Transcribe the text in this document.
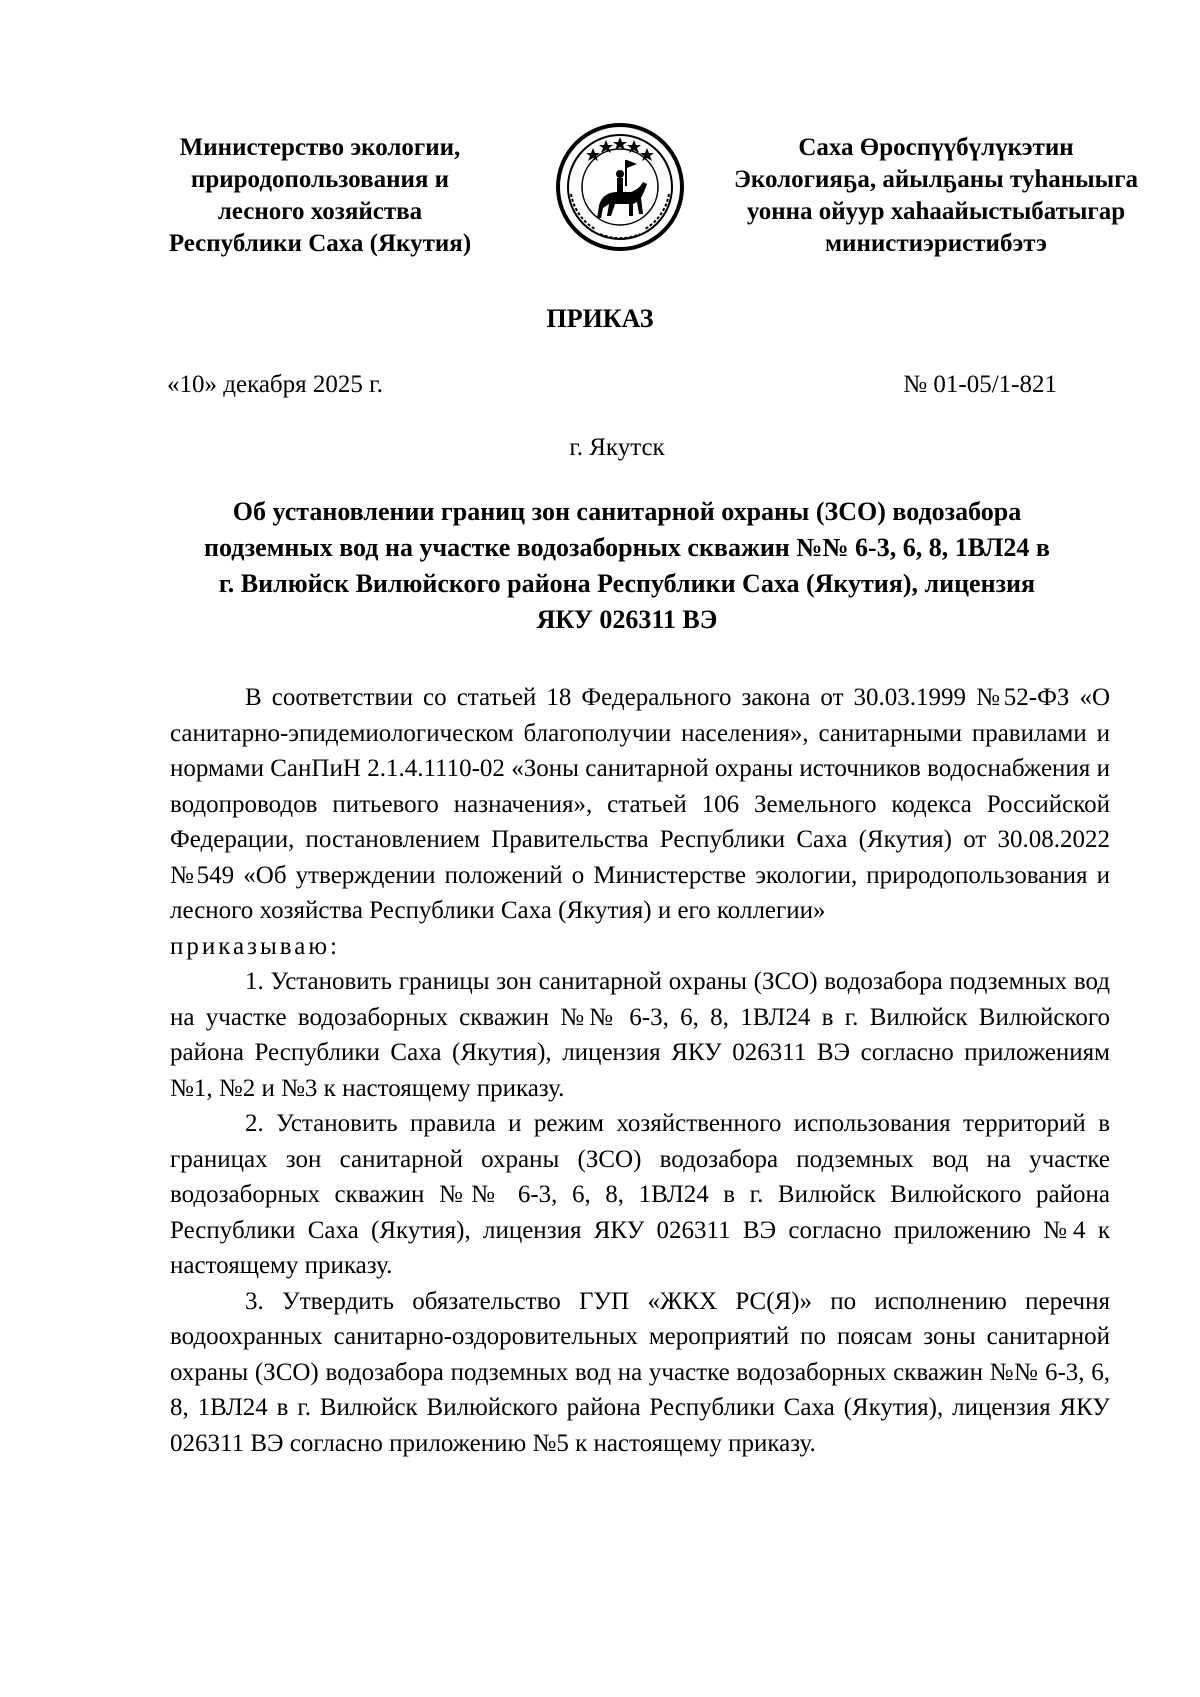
Министерство экологии,
природопользования и
лесного хозяйства
Республики Саха (Якутия)
Саха Өроспүүбүлүкэтин
Экологияҕа, айылҕаны туһаныыга
уонна ойуур хаһаайыстыбатыгар
министиэристибэтэ
ПРИКАЗ
«10» декабря 2025 г.	№ 01-05/1-821
г. Якутск
Об установлении границ зон санитарной охраны (ЗСО) водозабора
подземных вод на участке водозаборных скважин №№ 6-3, 6, 8, 1ВЛ24 в
г. Вилюйск Вилюйского района Республики Саха (Якутия), лицензия
ЯКУ 026311 ВЭ

В соответствии со статьей 18 Федерального закона от 30.03.1999 №52-ФЗ «О санитарно-эпидемиологическом благополучии населения», санитарными правилами и нормами СанПиН 2.1.4.1110-02 «Зоны санитарной охраны источников водоснабжения и водопроводов питьевого назначения», статьей 106 Земельного кодекса Российской Федерации, постановлением Правительства Республики Саха (Якутия) от 30.08.2022 №549 «Об утверждении положений о Министерстве экологии, природопользования и лесного хозяйства Республики Саха (Якутия) и его коллегии»

приказываю:

1. Установить границы зон санитарной охраны (ЗСО) водозабора подземных вод на участке водозаборных скважин №№ 6-3, 6, 8, 1ВЛ24 в г. Вилюйск Вилюйского района Республики Саха (Якутия), лицензия ЯКУ 026311 ВЭ согласно приложениям №1, №2 и №3 к настоящему приказу.

2. Установить правила и режим хозяйственного использования территорий в границах зон санитарной охраны (ЗСО) водозабора подземных вод на участке водозаборных скважин №№ 6-3, 6, 8, 1ВЛ24 в г. Вилюйск Вилюйского района Республики Саха (Якутия), лицензия ЯКУ 026311 ВЭ согласно приложению №4 к настоящему приказу.

3. Утвердить обязательство ГУП «ЖКХ РС(Я)» по исполнению перечня водоохранных санитарно-оздоровительных мероприятий по поясам зоны санитарной охраны (ЗСО) водозабора подземных вод на участке водозаборных скважин №№ 6-3, 6, 8, 1ВЛ24 в г. Вилюйск Вилюйского района Республики Саха (Якутия), лицензия ЯКУ 026311 ВЭ согласно приложению №5 к настоящему приказу.
